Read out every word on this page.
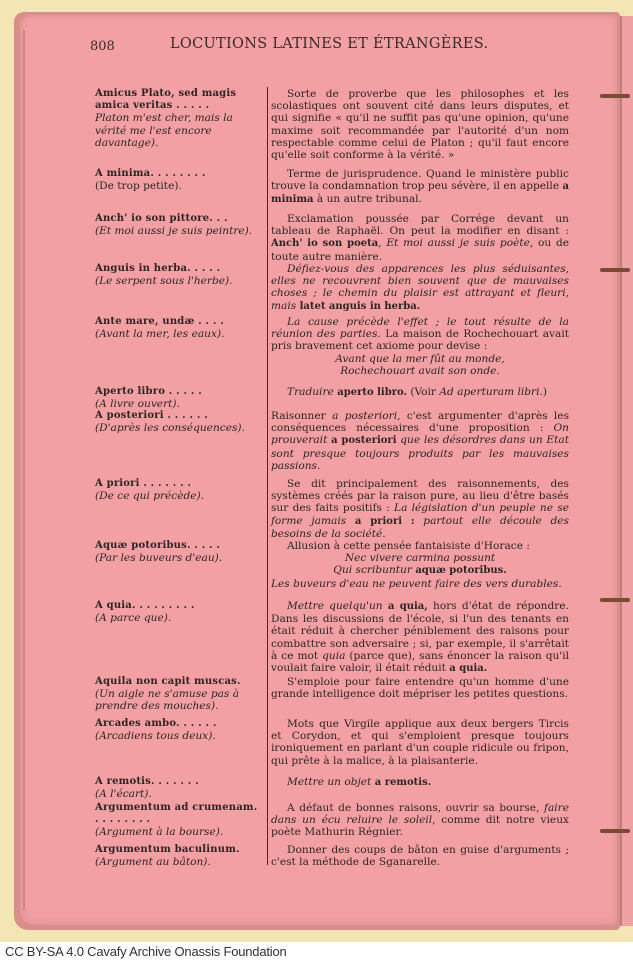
808	LOCUTIONS LATINES ET ÉTRANGÈRES.
Amicus Plato, sed magis amica veritas . . . . .
Platon m'est cher, mais la vérité me l'est encore davantage).
Sorte de proverbe que les philosophes et les scolastiques ont souvent cité dans leurs disputes, et qui signifie « qu'il ne suffit pas qu'une opinion, qu'une maxime soit recommandée par l'autorité d'un nom respectable comme celui de Platon ; qu'il faut encore qu'elle soit conforme à la vérité. »
A minima. . . . . . . .
(De trop petite).
Terme de jurisprudence. Quand le ministère public trouve la condamnation trop peu sévère, il en appelle a minima à un autre tribunal.
Anch' io son pittore. . .
(Et moi aussi je suis peintre).
Exclamation poussée par Corrége devant un tableau de Raphaël. On peut la modifier en disant : Anch' io son poeta, Et moi aussi je suis poète, ou de toute autre manière.
Anguis in herba. . . . .
(Le serpent sous l'herbe).
Défiez-vous des apparences les plus séduisantes, elles ne recouvrent bien souvent que de mauvaises choses ; le chemin du plaisir est attrayant et fleuri, mais latet anguis in herba.
Ante mare, undæ . . . .
(Avant la mer, les eaux).
La cause précède l'effet ; le tout résulte de la réunion des parties. La maison de Rochechouart avait pris bravement cet axiome pour devise :
Avant que la mer fût au monde,
Rochechouart avait son onde.
Aperto libro . . . . .
(A livre ouvert).
Traduire aperto libro. (Voir Ad aperturam libri.)
A posteriori . . . . . .
(D'après les conséquences).
Raisonner a posteriori, c'est argumenter d'après les conséquences nécessaires d'une proposition : On prouverait a posteriori que les désordres dans un Etat sont presque toujours produits par les mauvaises passions.
A priori . . . . . . .
(De ce qui précède).
Se dit principalement des raisonnements, des systèmes créés par la raison pure, au lieu d'être basés sur des faits positifs : La législation d'un peuple ne se forme jamais a priori : partout elle découle des besoins de la société.
Aquæ potoribus. . . . .
(Par les buveurs d'eau).
Allusion à cette pensée fantaisiste d'Horace :
Nec vivere carmina possunt
Qui scribuntur aquæ potoribus.
Les buveurs d'eau ne peuvent faire des vers durables.
A quia. . . . . . . . .
(A parce que).
Mettre quelqu'un a quia, hors d'état de répondre. Dans les discussions de l'école, si l'un des tenants en était réduit à chercher péniblement des raisons pour combattre son adversaire ; si, par exemple, il s'arrêtait à ce mot quia (parce que), sans énoncer la raison qu'il voulait faire valoir, il était réduit a quia.
Aquila non capit muscas.
(Un aigle ne s'amuse pas à prendre des mouches).
S'emploie pour faire entendre qu'un homme d'une grande intelligence doit mépriser les petites questions.
Arcades ambo. . . . . .
(Arcadiens tous deux).
Mots que Virgile applique aux deux bergers Tircis et Corydon, et qui s'emploient presque toujours ironiquement en parlant d'un couple ridicule ou fripon, qui prête à la malice, à la plaisanterie.
A remotis. . . . . . .
(A l'écart).
Mettre un objet a remotis.
Argumentum ad crumenam. . . . . . . . .
(Argument à la bourse).
A défaut de bonnes raisons, ouvrir sa bourse, faire dans un écu reluire le soleil, comme dit notre vieux poète Mathurin Régnier.
Argumentum baculinum.
(Argument au bâton).
Donner des coups de bâton en guise d'arguments ; c'est la méthode de Sganarelle.
CC BY-SA 4.0 Cavafy Archive Onassis Foundation
